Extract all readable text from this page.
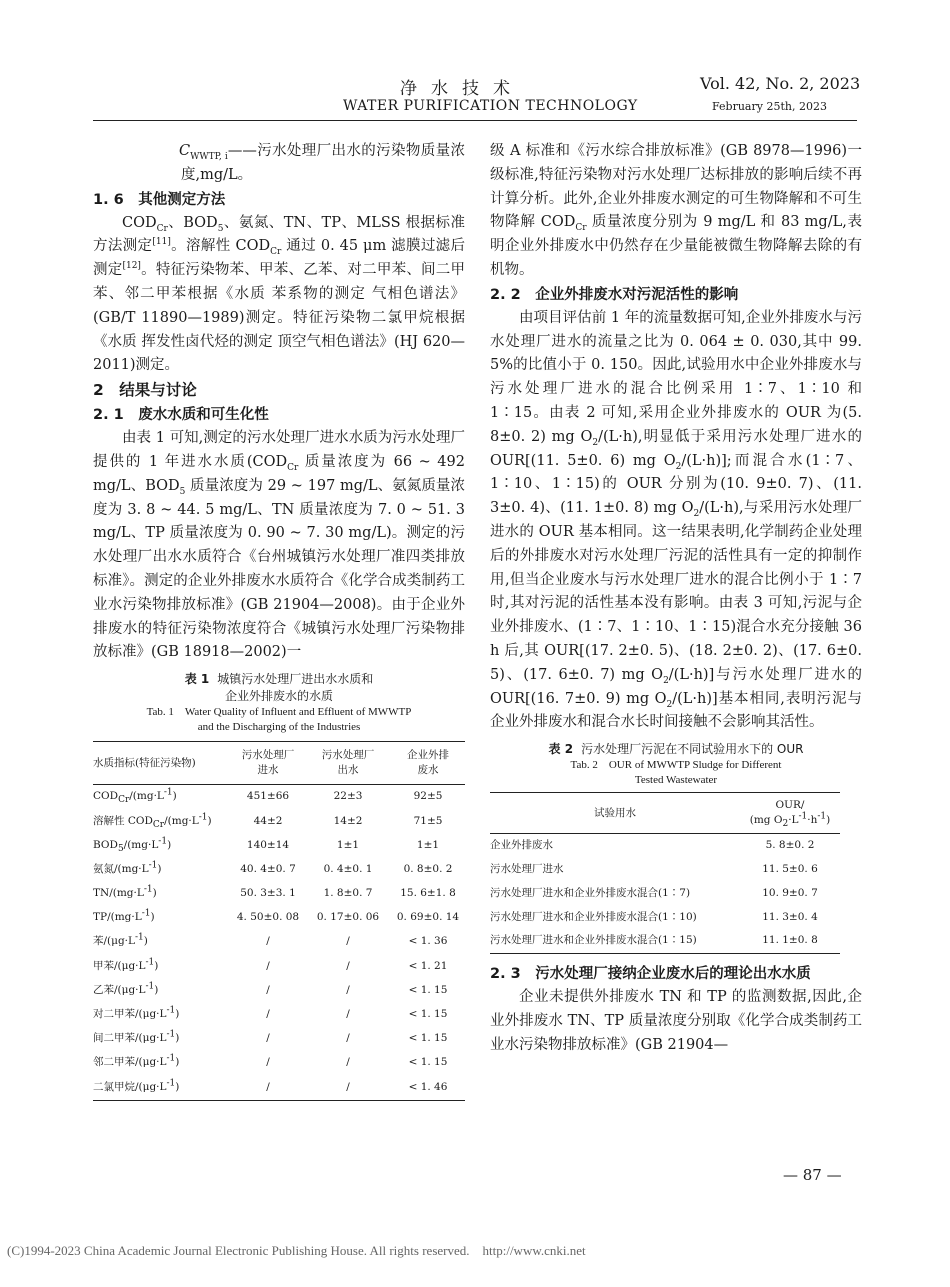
净水技术
WATER PURIFICATION TECHNOLOGY
Vol. 42, No. 2, 2023
February 25th, 2023

$C_{WWTP, i}——$污水处理厂出水的污染物质量浓度,mg/L。

1. 6　其他测定方法

$COD_{Cr}$、$BOD_5$、氨氮、TN、TP、MLSS 根据标准方法测定[11]。溶解性 $COD_{Cr}$ 通过 0. 45 μm 滤膜过滤后测定[12]。特征污染物苯、甲苯、乙苯、对二甲苯、间二甲苯、邻二甲苯根据《水质 苯系物的测定 气相色谱法》(GB/T 11890—1989)测定。特征污染物二氯甲烷根据《水质 挥发性卤代烃的测定 顶空气相色谱法》(HJ 620—2011)测定。

2　结果与讨论
2. 1　废水水质和可生化性

由表 1 可知,测定的污水处理厂进水水质为污水处理厂提供的 1 年进水水质($COD_{Cr}$ 质量浓度为 66 ~ 492 mg/L、$BOD_5$ 质量浓度为 29 ~ 197 mg/L、氨氮质量浓度为 3. 8 ~ 44. 5 mg/L、TN 质量浓度为 7. 0 ~ 51. 3 mg/L、TP 质量浓度为 0. 90 ~ 7. 30 mg/L)。测定的污水处理厂出水水质符合《台州城镇污水处理厂准四类排放标准》。测定的企业外排废水水质符合《化学合成类制药工业水污染物排放标准》(GB 21904—2008)。由于企业外排废水的特征污染物浓度符合《城镇污水处理厂污染物排放标准》(GB 18918—2002)一

表 1 城镇污水处理厂进出水水质和
企业外排废水的水质
Tab. 1　Water Quality of Influent and Effluent of MWWTP
and the Discharging of the Industries
水质指标(特征污染物)	污水处理厂进水	污水处理厂出水	企业外排废水
$COD_{Cr}/(mg\cdot L^{-1})$	451±66	22±3	92±5
溶解性 $COD_{Cr}/(mg\cdot L^{-1})$	44±2	14±2	71±5
$BOD_5/(mg\cdot L^{-1})$	140±14	1±1	1±1
氨氮$/(mg\cdot L^{-1})$	40. 4±0. 7	0. 4±0. 1	0. 8±0. 2
$TN/(mg\cdot L^{-1})$	50. 3±3. 1	1. 8±0. 7	15. 6±1. 8
$TP/(mg\cdot L^{-1})$	4. 50±0. 08	0. 17±0. 06	0. 69±0. 14
苯$/(\mu g\cdot L^{-1})$	/	/	< 1. 36
甲苯$/(\mu g\cdot L^{-1})$	/	/	< 1. 21
乙苯$/(\mu g\cdot L^{-1})$	/	/	< 1. 15
对二甲苯$/(\mu g\cdot L^{-1})$	/	/	< 1. 15
间二甲苯$/(\mu g\cdot L^{-1})$	/	/	< 1. 15
邻二甲苯$/(\mu g\cdot L^{-1})$	/	/	< 1. 15
二氯甲烷$/(\mu g\cdot L^{-1})$	/	/	< 1. 46

级 A 标准和《污水综合排放标准》(GB 8978—1996)一级标准,特征污染物对污水处理厂达标排放的影响后续不再计算分析。此外,企业外排废水测定的可生物降解和不可生物降解 $COD_{Cr}$ 质量浓度分别为 9 mg/L 和 83 mg/L,表明企业外排废水中仍然存在少量能被微生物降解去除的有机物。

2. 2　企业外排废水对污泥活性的影响

由项目评估前 1 年的流量数据可知,企业外排废水与污水处理厂进水的流量之比为 0. 064 ± 0. 030,其中 99. 5%的比值小于 0. 150。因此,试验用水中企业外排废水与污水处理厂进水的混合比例采用 1∶7、1∶10 和 1∶15。由表 2 可知,采用企业外排废水的 OUR 为(5. 8±0. 2) mg $O_2/(L\cdot h)$,明显低于采用污水处理厂进水的 OUR[(11. 5±0. 6) mg $O_2/(L\cdot h)$];而混合水(1∶7、1∶10、1∶15)的 OUR 分别为(10. 9±0. 7)、(11. 3±0. 4)、(11. 1±0. 8) mg $O_2/(L\cdot h)$,与采用污水处理厂进水的 OUR 基本相同。这一结果表明,化学制药企业处理后的外排废水对污水处理厂污泥的活性具有一定的抑制作用,但当企业废水与污水处理厂进水的混合比例小于 1∶7时,其对污泥的活性基本没有影响。由表 3 可知,污泥与企业外排废水、(1∶7、1∶10、1∶15)混合水充分接触 36 h 后,其 OUR[(17. 2±0. 5)、(18. 2±0. 2)、(17. 6±0. 5)、(17. 6±0. 7) mg $O_2/(L\cdot h)$]与污水处理厂进水的OUR[(16. 7±0. 9) mg $O_2/(L\cdot h)$]基本相同,表明污泥与企业外排废水和混合水长时间接触不会影响其活性。

表 2 污水处理厂污泥在不同试验用水下的 OUR
Tab. 2　OUR of MWWTP Sludge for Different
Tested Wastewater
试验用水	OUR/
(mg $O_2\cdot L^{-1}\cdot h^{-1}$)
企业外排废水	5. 8±0. 2
污水处理厂进水	11. 5±0. 6
污水处理厂进水和企业外排废水混合(1∶7)	10. 9±0. 7
污水处理厂进水和企业外排废水混合(1∶10)	11. 3±0. 4
污水处理厂进水和企业外排废水混合(1∶15)	11. 1±0. 8
2. 3　污水处理厂接纳企业废水后的理论出水水质

企业未提供外排废水 TN 和 TP 的监测数据,因此,企业外排废水 TN、TP 质量浓度分别取《化学合成类制药工业水污染物排放标准》(GB 21904—

— 87 —
(C)1994-2023 China Academic Journal Electronic Publishing House. All rights reserved.    http://www.cnki.net
